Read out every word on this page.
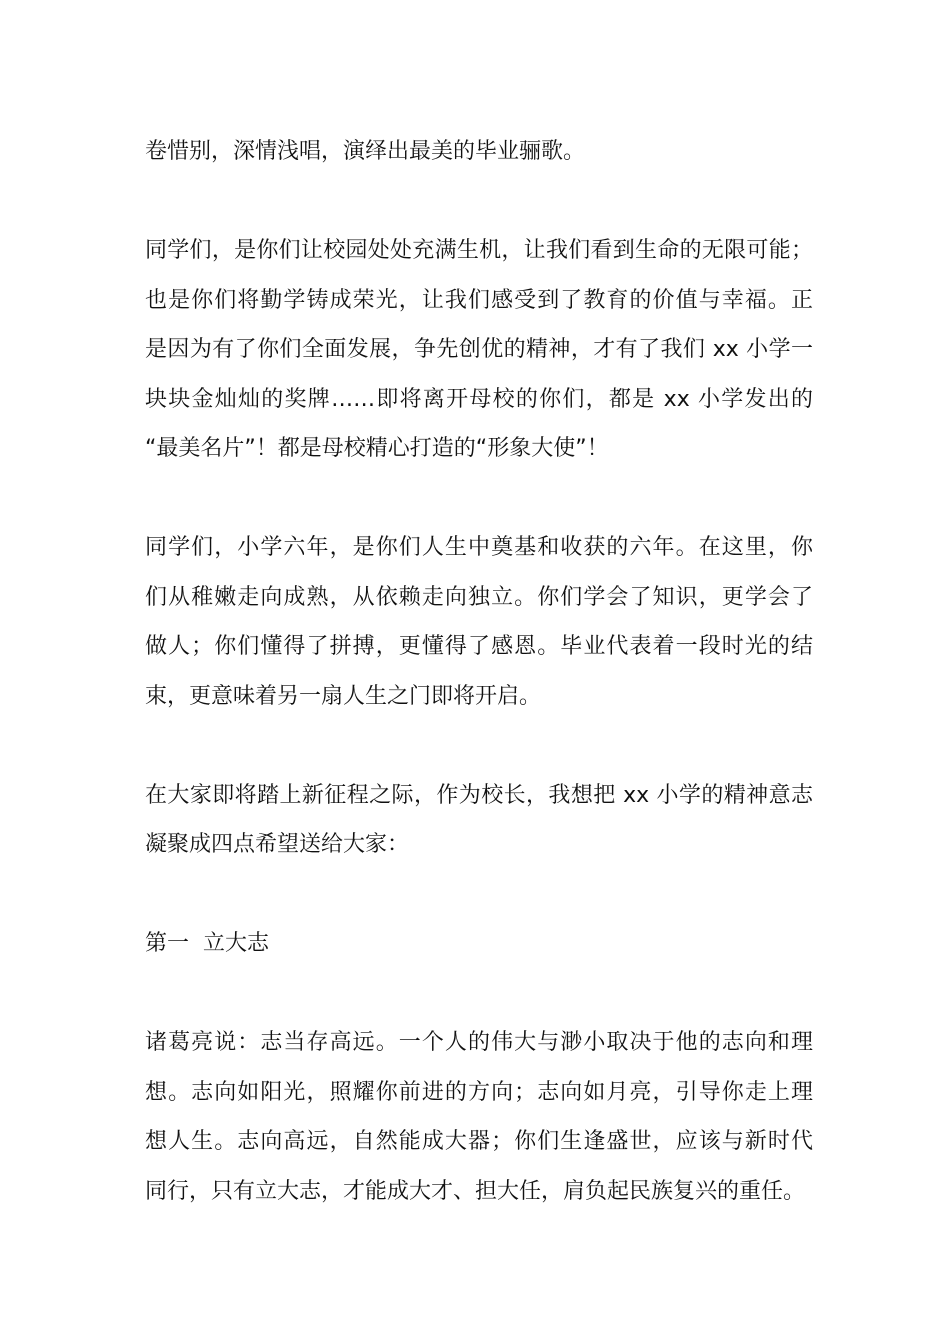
卷惜别，深情浅唱，演绎出最美的毕业骊歌。

同学们，是你们让校园处处充满生机，让我们看到生命的无限可能；
也是你们将勤学铸成荣光，让我们感受到了教育的价值与幸福。正
是因为有了你们全面发展，争先创优的精神，才有了我们 xx 小学一
块块金灿灿的奖牌……即将离开母校的你们，都是 xx 小学发出的
“最美名片”！都是母校精心打造的“形象大使”！

同学们，小学六年，是你们人生中奠基和收获的六年。在这里，你
们从稚嫩走向成熟，从依赖走向独立。你们学会了知识，更学会了
做人；你们懂得了拼搏，更懂得了感恩。毕业代表着一段时光的结
束，更意味着另一扇人生之门即将开启。

在大家即将踏上新征程之际，作为校长，我想把 xx 小学的精神意志
凝聚成四点希望送给大家：

第一  立大志

诸葛亮说：志当存高远。一个人的伟大与渺小取决于他的志向和理
想。志向如阳光，照耀你前进的方向；志向如月亮，引导你走上理
想人生。志向高远，自然能成大器；你们生逢盛世，应该与新时代
同行，只有立大志，才能成大才、担大任，肩负起民族复兴的重任。
